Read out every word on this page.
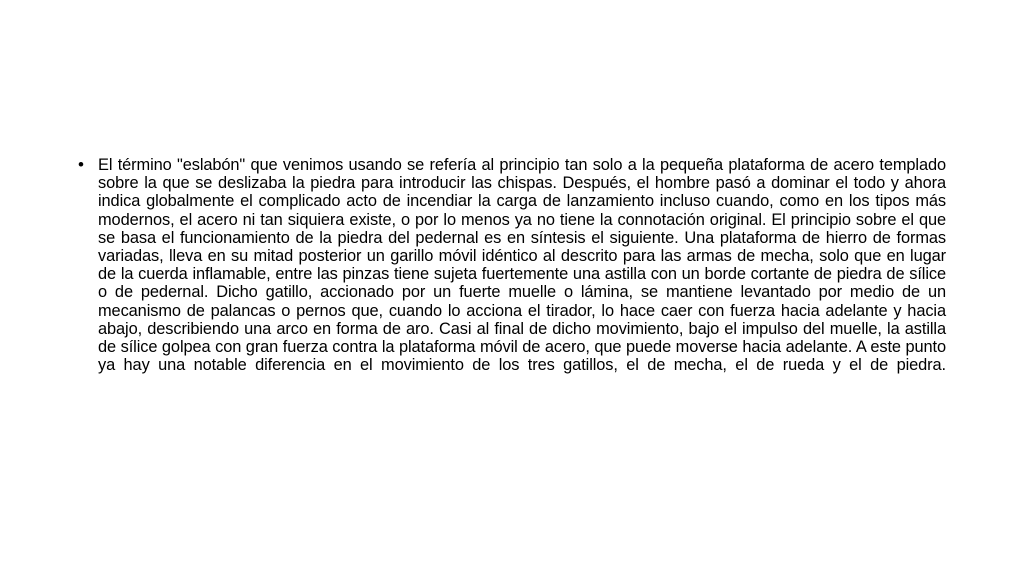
• El término "eslabón" que venimos usando se refería al principio tan solo a la pequeña plataforma de acero templado sobre la que se deslizaba la piedra para introducir las chispas. Después, el hombre pasó a dominar el todo y ahora indica globalmente el complicado acto de incendiar la carga de lanzamiento incluso cuando, como en los tipos más modernos, el acero ni tan siquiera existe, o por lo menos ya no tiene la connotación original. El principio sobre el que se basa el funcionamiento de la piedra del pedernal es en síntesis el siguiente. Una plataforma de hierro de formas variadas, lleva en su mitad posterior un garillo móvil idéntico al descrito para las armas de mecha, solo que en lugar de la cuerda inflamable, entre las pinzas tiene sujeta fuertemente una astilla con un borde cortante de piedra de sílice o de pedernal. Dicho gatillo, accionado por un fuerte muelle o lámina, se mantiene levantado por medio de un mecanismo de palancas o pernos que, cuando lo acciona el tirador, lo hace caer con fuerza hacia adelante y hacia abajo, describiendo una arco en forma de aro. Casi al final de dicho movimiento, bajo el impulso del muelle, la astilla de sílice golpea con gran fuerza contra la plataforma móvil de acero, que puede moverse hacia adelante. A este punto ya hay una notable diferencia en el movimiento de los tres gatillos, el de mecha, el de rueda y el de piedra.
